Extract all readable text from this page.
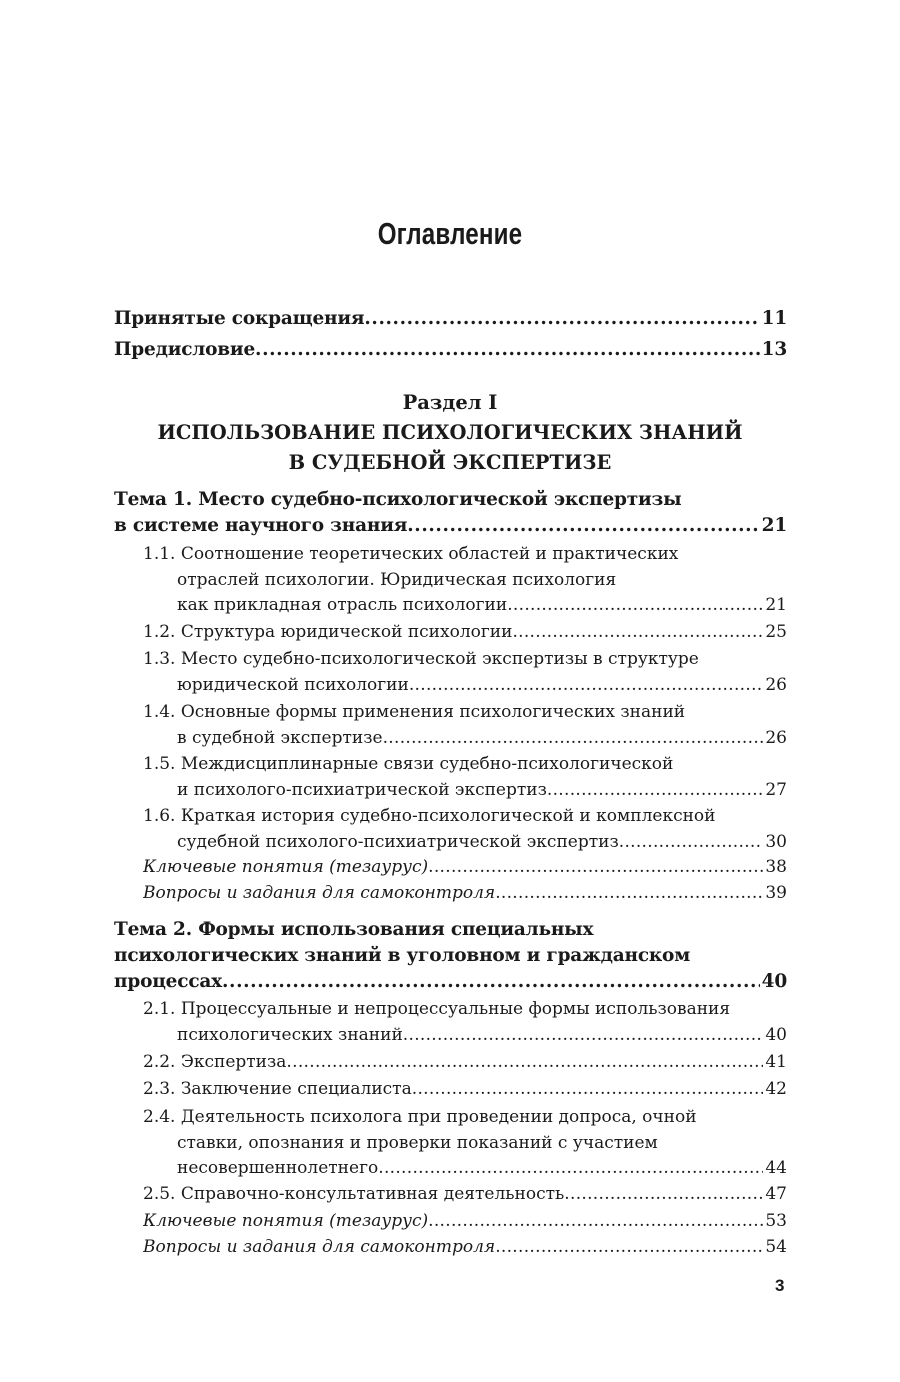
Оглавление
Принятые сокращения .....	11
Предисловие .....	13
Тема 1. Место судебно-психологической экспертизы
в системе научного знания .....	21
1.1. Соотношение теоретических областей и практических
отраслей психологии. Юридическая психология
как прикладная отрасль психологии .....	21
1.2. Структура юридической психологии .....	25
1.3. Место судебно-психологической экспертизы в структуре
юридической психологии .....	26
1.4. Основные формы применения психологических знаний
в судебной экспертизе .....	26
1.5. Междисциплинарные связи судебно-психологической
и психолого-психиатрической экспертиз .....	27
1.6. Краткая история судебно-психологической и комплексной
судебной психолого-психиатрической экспертиз .....	30
Ключевые понятия (тезаурус) .....	38
Вопросы и задания для самоконтроля .....	39
Тема 2. Формы использования специальных
психологических знаний в уголовном и гражданском
процессах .....	40
2.1. Процессуальные и непроцессуальные формы использования
психологических знаний .....	40
2.2. Экспертиза .....	41
2.3. Заключение специалиста .....	42
2.4. Деятельность психолога при проведении допроса, очной
ставки, опознания и проверки показаний с участием
несовершеннолетнего .....	44
2.5. Справочно-консультативная деятельность .....	47
Ключевые понятия (тезаурус) .....	53
Вопросы и задания для самоконтроля .....	54
Раздел I
ИСПОЛЬЗОВАНИЕ ПСИХОЛОГИЧЕСКИХ ЗНАНИЙ
В СУДЕБНОЙ ЭКСПЕРТИЗЕ
3
